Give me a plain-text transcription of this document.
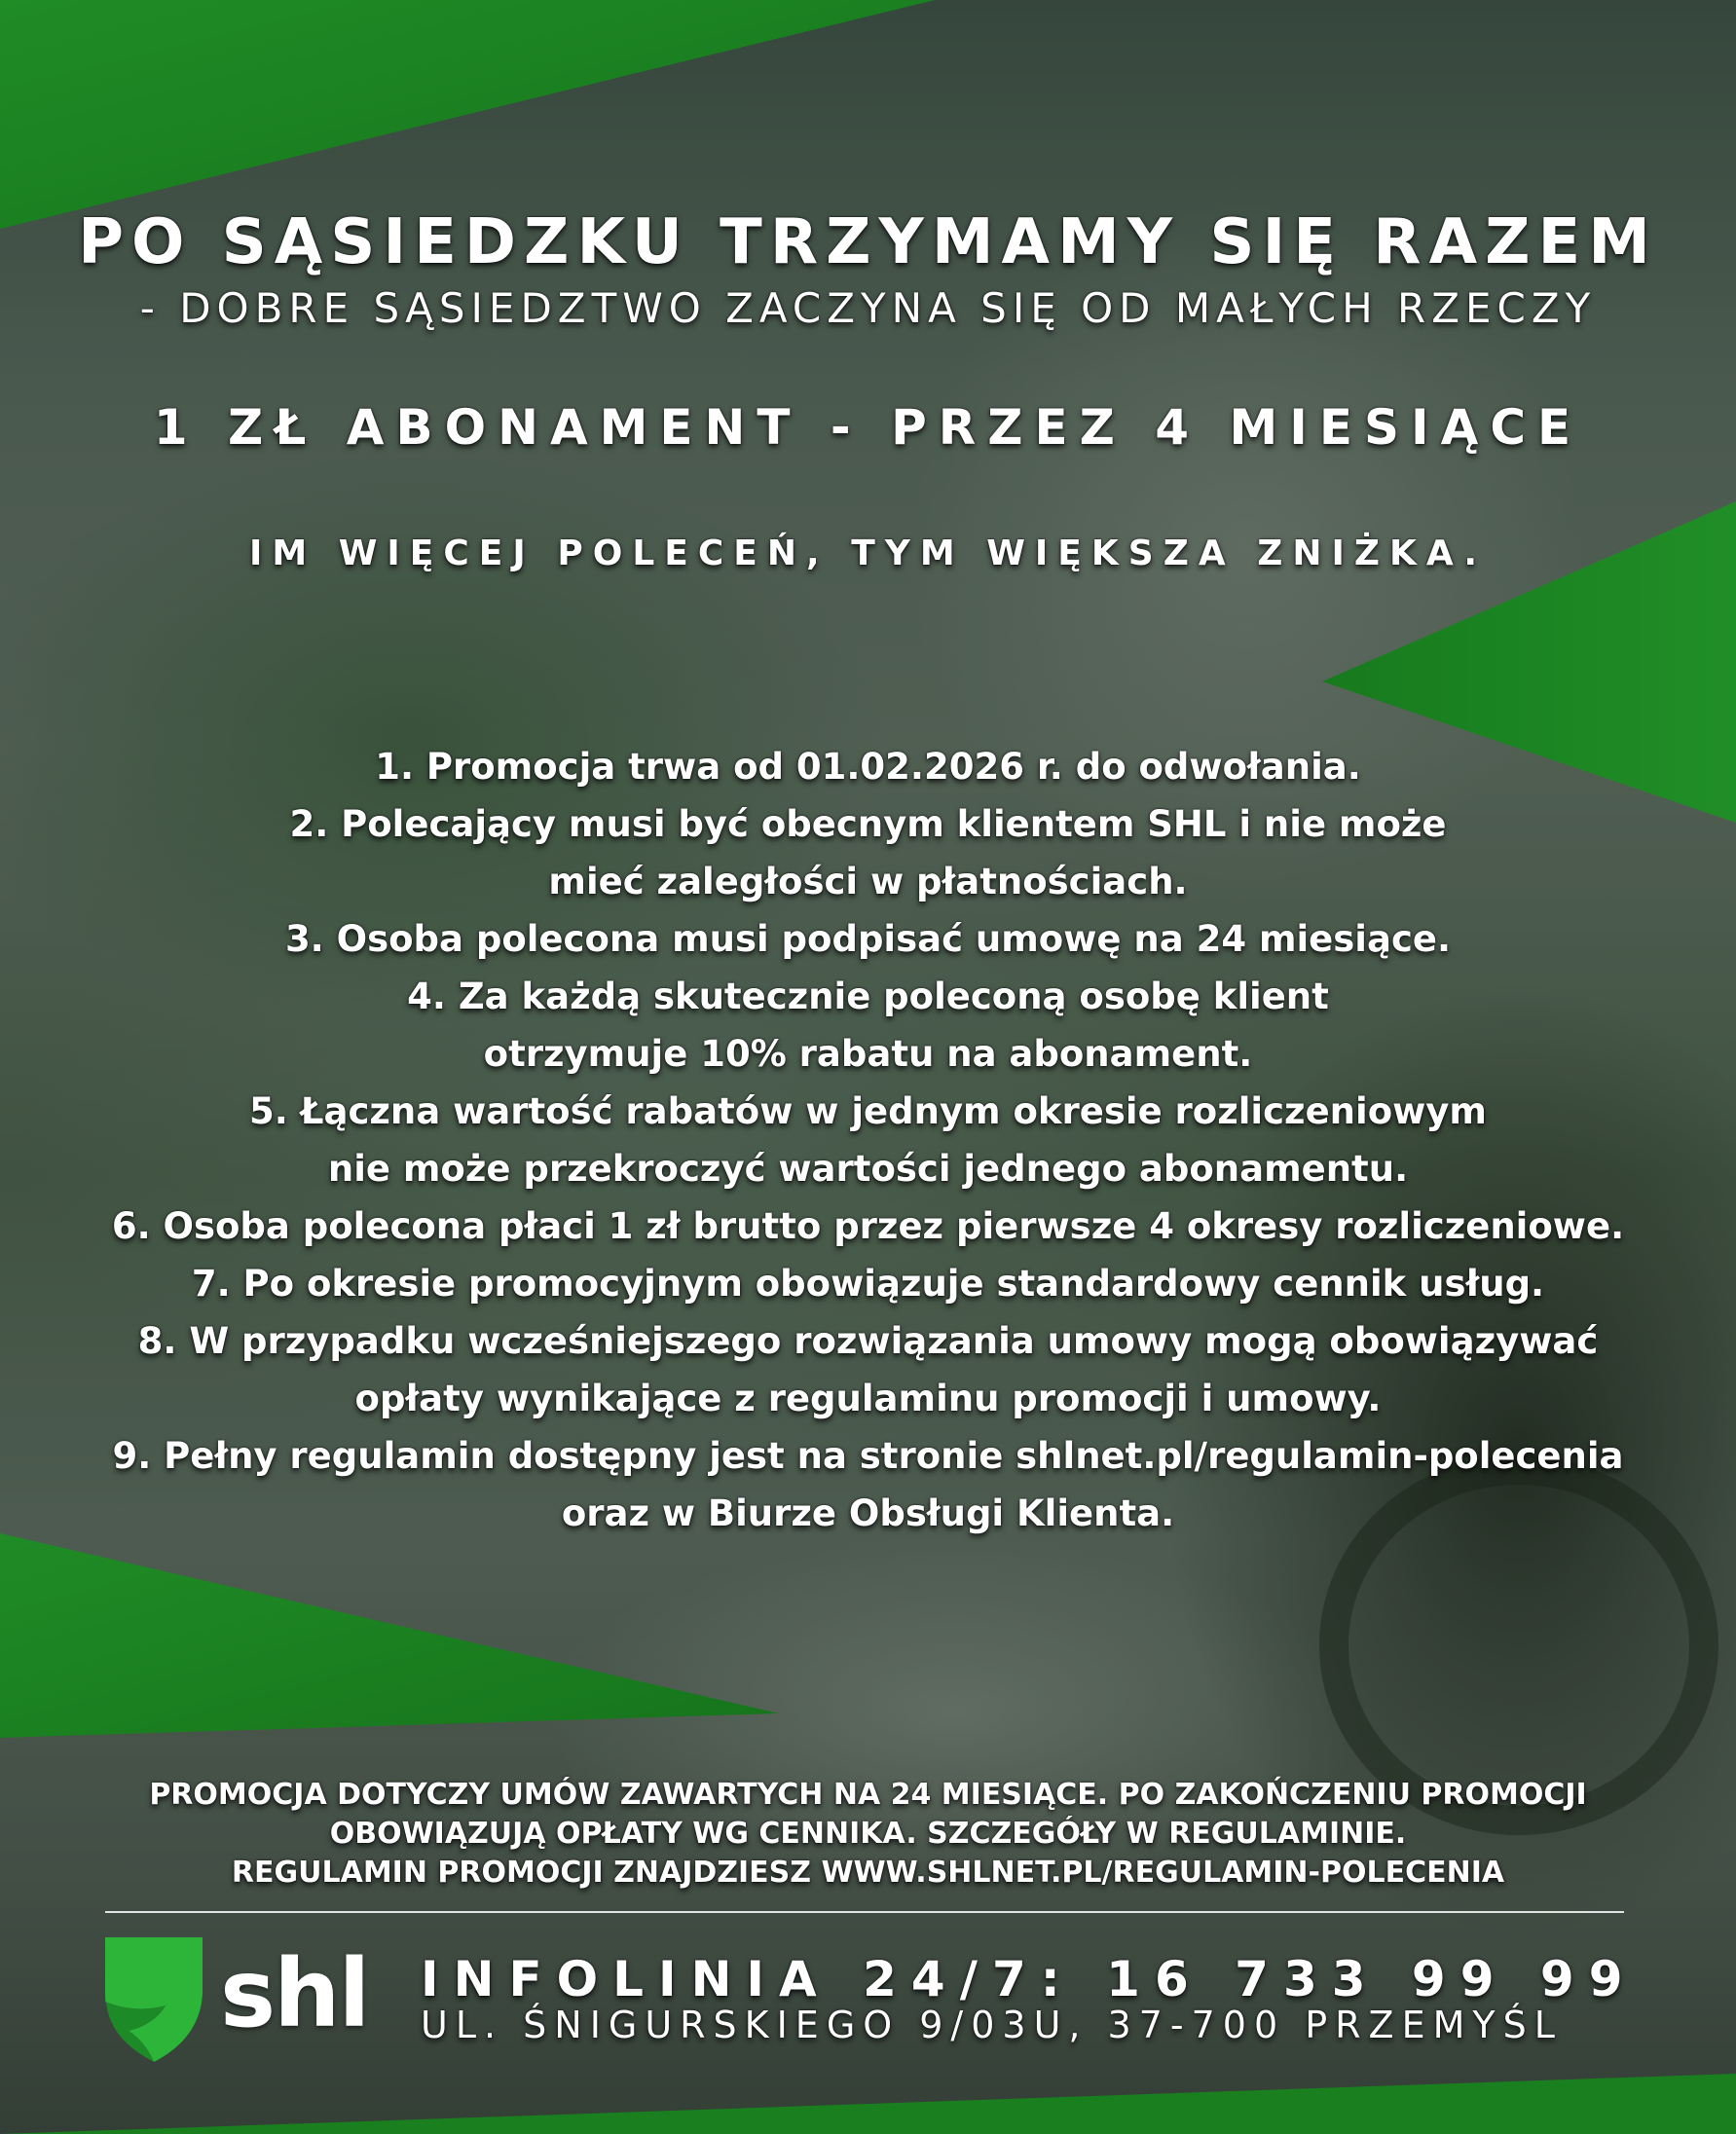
PO SĄSIEDZKU TRZYMAMY SIĘ RAZEM
- DOBRE SĄSIEDZTWO ZACZYNA SIĘ OD MAŁYCH RZECZY
1 ZŁ ABONAMENT - PRZEZ 4 MIESIĄCE
IM WIĘCEJ POLECEŃ, TYM WIĘKSZA ZNIŻKA.
1. Promocja trwa od 01.02.2026 r. do odwołania.
2. Polecający musi być obecnym klientem SHL i nie może
mieć zaległości w płatnościach.
3. Osoba polecona musi podpisać umowę na 24 miesiące.
4. Za każdą skutecznie poleconą osobę klient
otrzymuje 10% rabatu na abonament.
5. Łączna wartość rabatów w jednym okresie rozliczeniowym
nie może przekroczyć wartości jednego abonamentu.
6. Osoba polecona płaci 1 zł brutto przez pierwsze 4 okresy rozliczeniowe.
7. Po okresie promocyjnym obowiązuje standardowy cennik usług.
8. W przypadku wcześniejszego rozwiązania umowy mogą obowiązywać
opłaty wynikające z regulaminu promocji i umowy.
9. Pełny regulamin dostępny jest na stronie shlnet.pl/regulamin-polecenia
oraz w Biurze Obsługi Klienta.
PROMOCJA DOTYCZY UMÓW ZAWARTYCH NA 24 MIESIĄCE. PO ZAKOŃCZENIU PROMOCJI
OBOWIĄZUJĄ OPŁATY WG CENNIKA. SZCZEGÓŁY W REGULAMINIE.
REGULAMIN PROMOCJI ZNAJDZIESZ WWW.SHLNET.PL/REGULAMIN-POLECENIA
shl INFOLINIA 24/7: 16 733 99 99
UL. ŚNIGURSKIEGO 9/03U, 37-700 PRZEMYŚL
